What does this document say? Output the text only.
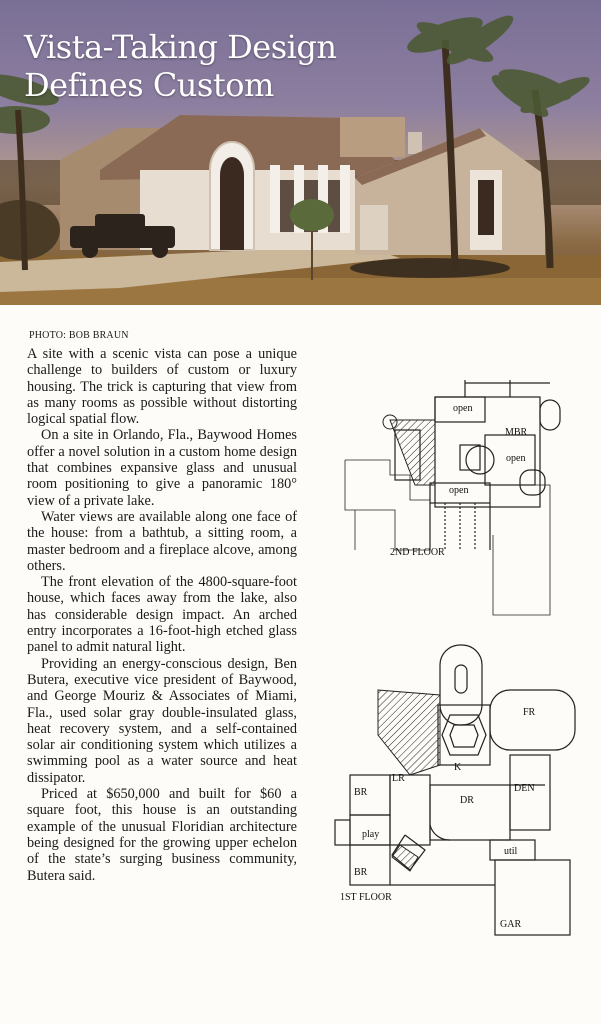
Vista-Taking Design
Defines Custom
PHOTO: BOB BRAUN

A site with a scenic vista can pose a unique challenge to builders of custom or luxury housing. The trick is capturing that view from as many rooms as possible without distorting logical spatial flow.

On a site in Orlando, Fla., Baywood Homes offer a novel solution in a custom home design that combines expansive glass and unusual room positioning to give a panoramic 180° view of a private lake.

Water views are available along one face of the house: from a bathtub, a sitting room, a master bedroom and a fireplace alcove, among others.

The front elevation of the 4800-square-foot house, which faces away from the lake, also has considerable design impact. An arched entry incorporates a 16-foot-high etched glass panel to admit natural light.

Providing an energy-conscious design, Ben Butera, executive vice president of Baywood, and George Mouriz & Associates of Miami, Fla., used solar gray double-insulated glass, heat recovery system, and a self-contained solar air conditioning system which utilizes a swimming pool as a water source and heat dissipator.

Priced at $650,000 and built for $60 a square foot, this house is an outstanding example of the unusual Floridian architecture being designed for the growing upper echelon of the state’s surging business community, Butera said.

open
MBR
open
open
2ND FLOOR
FR
K
LR
DR
DEN
BR
BR
play
util
GAR
1ST FLOOR
